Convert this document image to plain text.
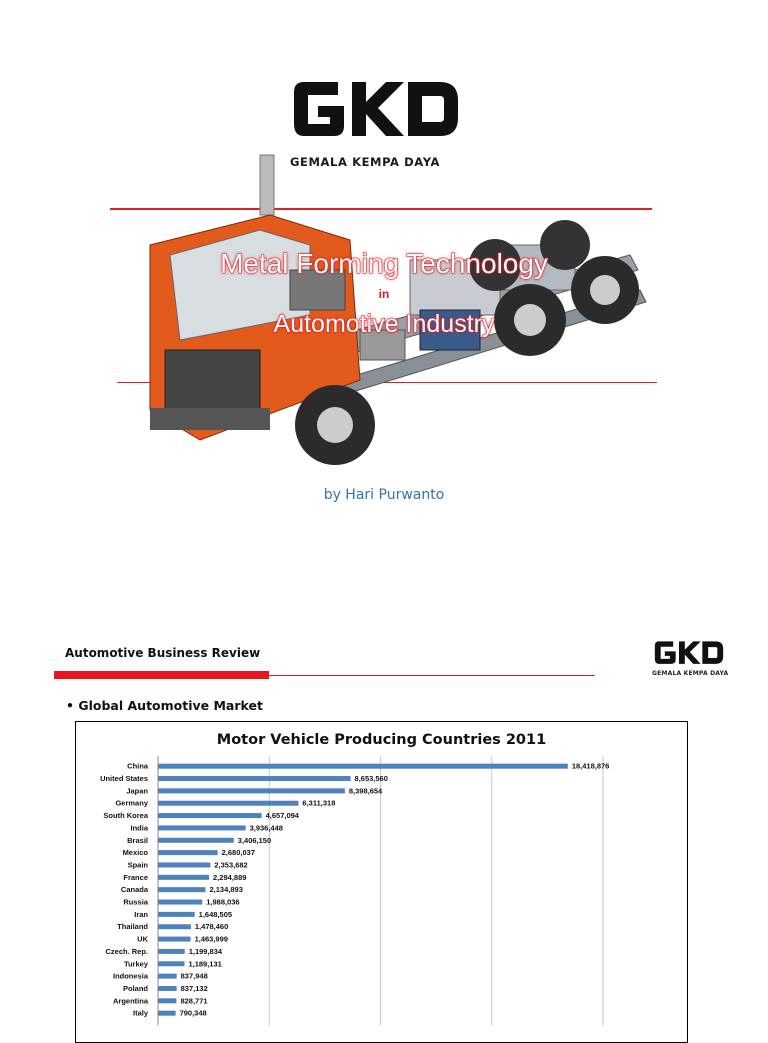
GEMALA KEMPA DAYA
Metal Forming Technology
in
Automotive Industry
by Hari Purwanto
Automotive Business Review
GEMALA KEMPA DAYA
• Global Automotive Market
Motor Vehicle Producing Countries 2011
China	18,418,876
United States	8,653,560
Japan	8,398,654
Germany	6,311,318
South Korea	4,657,094
India	3,936,448
Brasil	3,406,150
Mexico	2,680,037
Spain	2,353,682
France	2,294,889
Canada	2,134,893
Russia	1,988,036
Iran	1,648,505
Thailand	1,478,460
UK	1,463,999
Czech. Rep.	1,199,834
Turkey	1,189,131
Indonesia	837,948
Poland	837,132
Argentina	828,771
Italy	790,348
